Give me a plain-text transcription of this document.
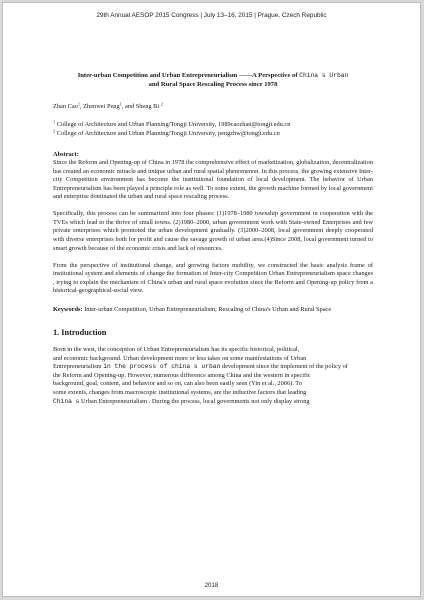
29th Annual AESOP 2015 Congress | July 13–16, 2015 | Prague, Czech Republic
Inter-urban Competition and Urban Entrepreneurialism ——A Perspective of China s Urban
and Rural Space Rescaling Process since 1978
Zhan Cao$^1$, Zhenwei Peng$^1$, and Sheng Bi $^2$
$^1$ College of Architecture and Urban Planning/Tongji University, 1989caozhan@tongji.edu.cn
$^2$ College of Architecture and Urban Planning/Tongji University, pengzhw@tongji.edu.cn
Abstract:

Since the Reform and Opening-up of China in 1978 the comprehensive effect of marketization, globalization, decentralization has created an economic miracle and unique urban and rural spatial phenomenon. In this process, the growing extensive Inter-city Competition environment has become the institutional foundation of local development. The behavior of Urban Entrepreneurialism has been played a principle role as well. To some extent, the growth machine formed by local government and enterprise dominated the urban and rural space rescaling process.

Specifically, this process can be summarized into four phases: (1)1978–1980 township government in cooperation with the TVEs which lead to the thrive of small towns. (2)1980–2000, urban government work with State-owned Enterprises and few private enterprises which promoted the urban development gradually. (3)2000–2008, local government deeply cooperated with diverse enterprises both for profit and cause the savage growth of urban area.(4)Since 2008, local government turned to smart growth because of the economic crisis and lack of resources.

From the perspective of institutional change, and growing factors mobility, we constructed the basic analysis frame of institutional system and elements of change the formation of Inter-city Competition Urban Entrepreneurialism space changes , trying to explain the mechanism of China's urban and rural space evolution since the Reform and Opening-up policy from a historical-geographical-social view.

Keywords: Inter-urban Competition, Urban Entrepreneurialism, Rescaling of China's Urban and Rural Space
1. Introduction
Born in the west, the conception of Urban Entrepreneurialism has its specific historical, political,
and economic background. Urban development more or less takes on some manifestations of Urban
Entrepreneurialism in the process of china s urban development since the implement of the policy of
the Reform and Opening-up. However, numerous difference among China and the western in specific
background, goal, content, and behavior and so on, can also been easily seen (Yin et al., 2006). To
some extents, changes from macroscopic institutional systems, are the inductive factors that leading
China s Urban Entrepreneurialism . During the process, local governments not only display strong
2018
